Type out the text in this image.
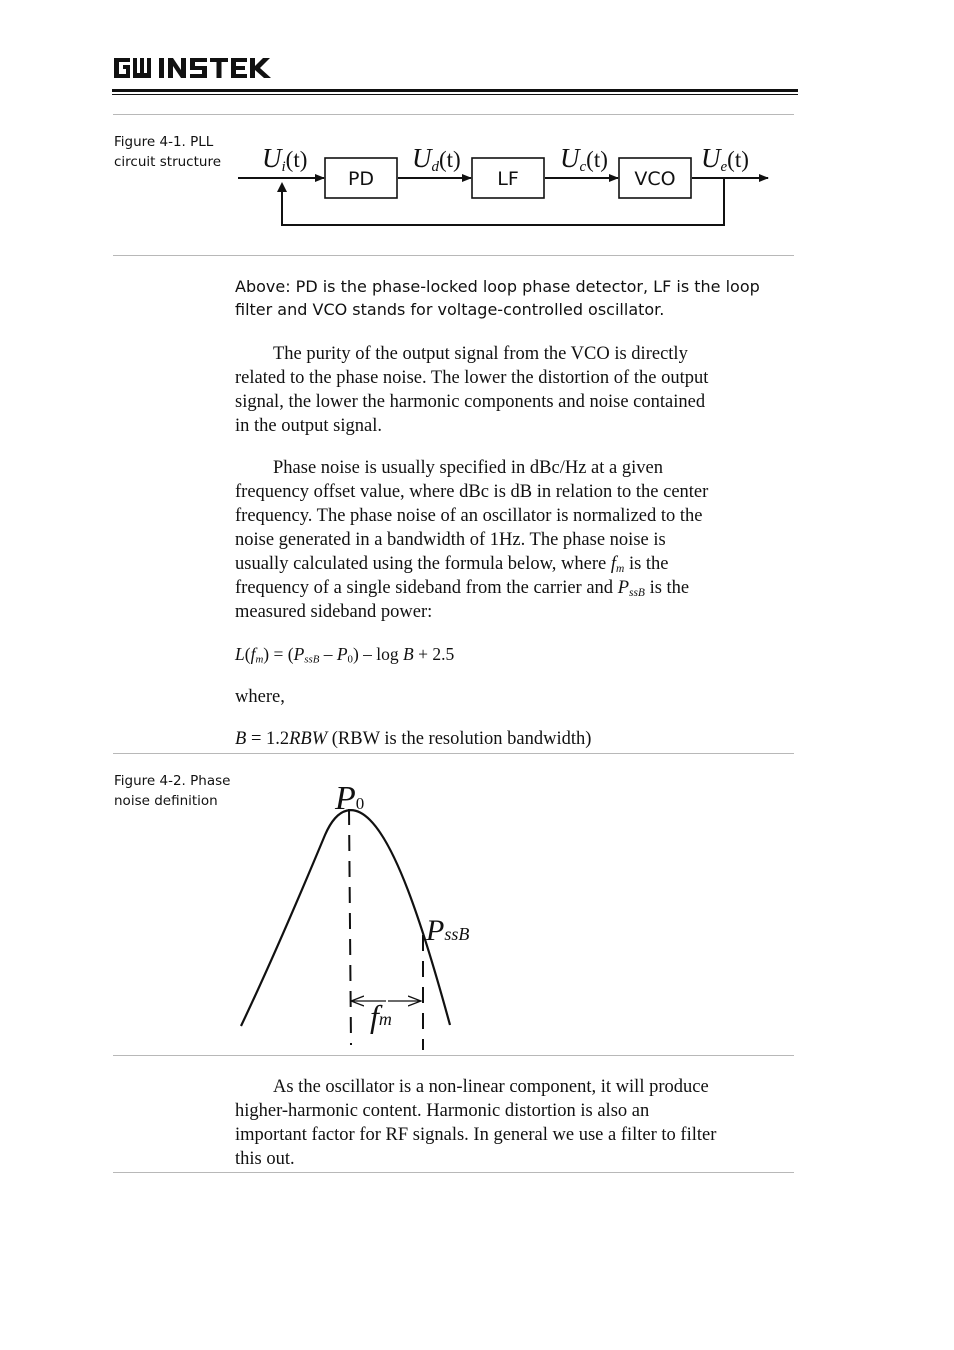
Figure 4-1. PLL
circuit structure
PD	LF	VCO
Ui(t)	Ud(t)	Uc(t)	Ue(t)
Above: PD is the phase-locked loop phase detector, LF is the loop
filter and VCO stands for voltage-controlled oscillator.
The purity of the output signal from the VCO is directly
related to the phase noise. The lower the distortion of the output
signal, the lower the harmonic components and noise contained
in the output signal.
Phase noise is usually specified in dBc/Hz at a given
frequency offset value, where dBc is dB in relation to the center
frequency. The phase noise of an oscillator is normalized to the
noise generated in a bandwidth of 1Hz. The phase noise is
usually calculated using the formula below, where $f_m$ is the
frequency of a single sideband from the carrier and $P_{ssB}$ is the
measured sideband power:
$L(f_m) = (P_{ssB} - P_0) - \log B + 2.5$
where,
B = 1.2RBW (RBW is the resolution bandwidth)
Figure 4-2. Phase
noise definition	P0
PssB
fm
As the oscillator is a non-linear component, it will produce
higher-harmonic content. Harmonic distortion is also an
important factor for RF signals. In general we use a filter to filter
this out.
